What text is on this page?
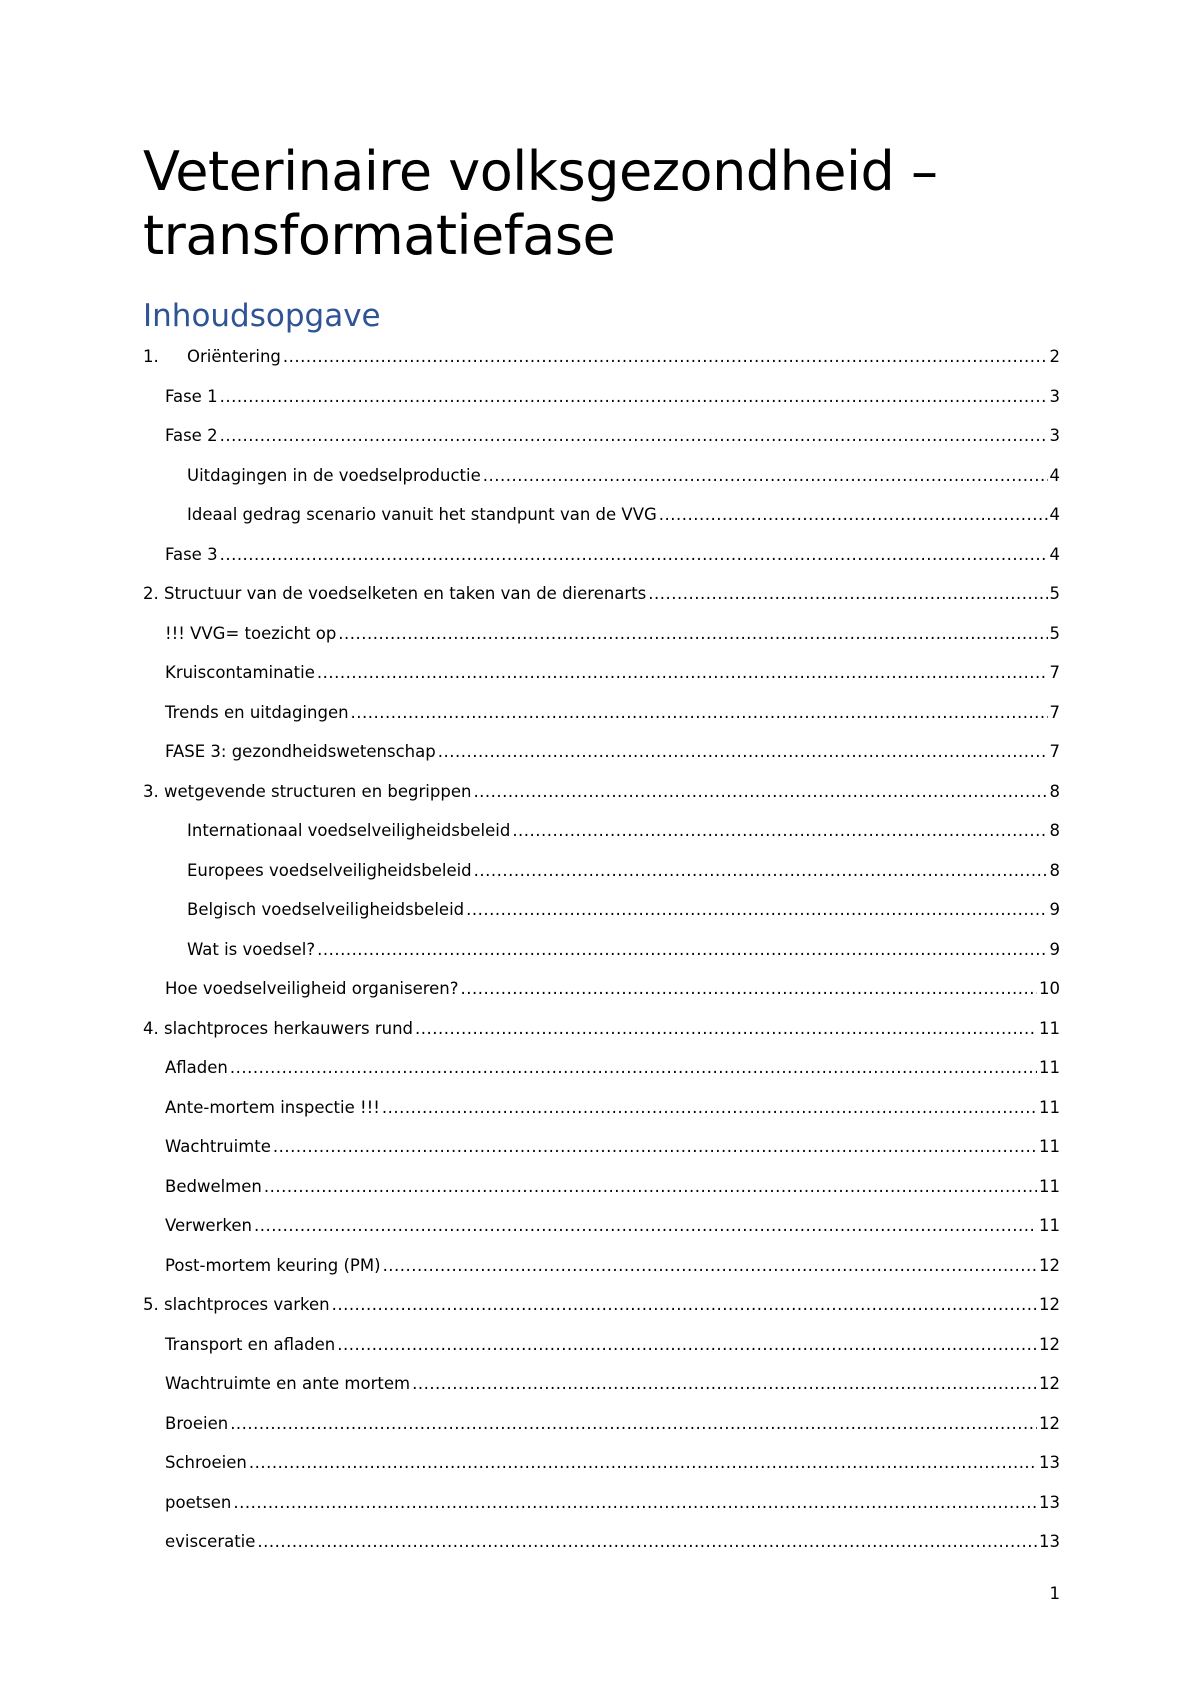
Veterinaire volksgezondheid – transformatiefase
Inhoudsopgave
1.	Oriëntering .....	2
Fase 1 .....	3
Fase 2 .....	3
Uitdagingen in de voedselproductie .....	4
Ideaal gedrag scenario vanuit het standpunt van de VVG .....	4
Fase 3 .....	4
2. Structuur van de voedselketen en taken van de dierenarts .....	5
!!! VVG= toezicht op .....	5
Kruiscontaminatie .....	7
Trends en uitdagingen .....	7
FASE 3: gezondheidswetenschap .....	7
3. wetgevende structuren en begrippen .....	8
Internationaal voedselveiligheidsbeleid .....	8
Europees voedselveiligheidsbeleid .....	8
Belgisch voedselveiligheidsbeleid .....	9
Wat is voedsel? .....	9
Hoe voedselveiligheid organiseren? .....	10
4. slachtproces herkauwers rund .....	11
Afladen .....	11
Ante-mortem inspectie !!! .....	11
Wachtruimte .....	11
Bedwelmen .....	11
Verwerken .....	11
Post-mortem keuring (PM) .....	12
5. slachtproces varken .....	12
Transport en afladen .....	12
Wachtruimte en ante mortem .....	12
Broeien .....	12
Schroeien .....	13
poetsen .....	13
evisceratie .....	13
1
